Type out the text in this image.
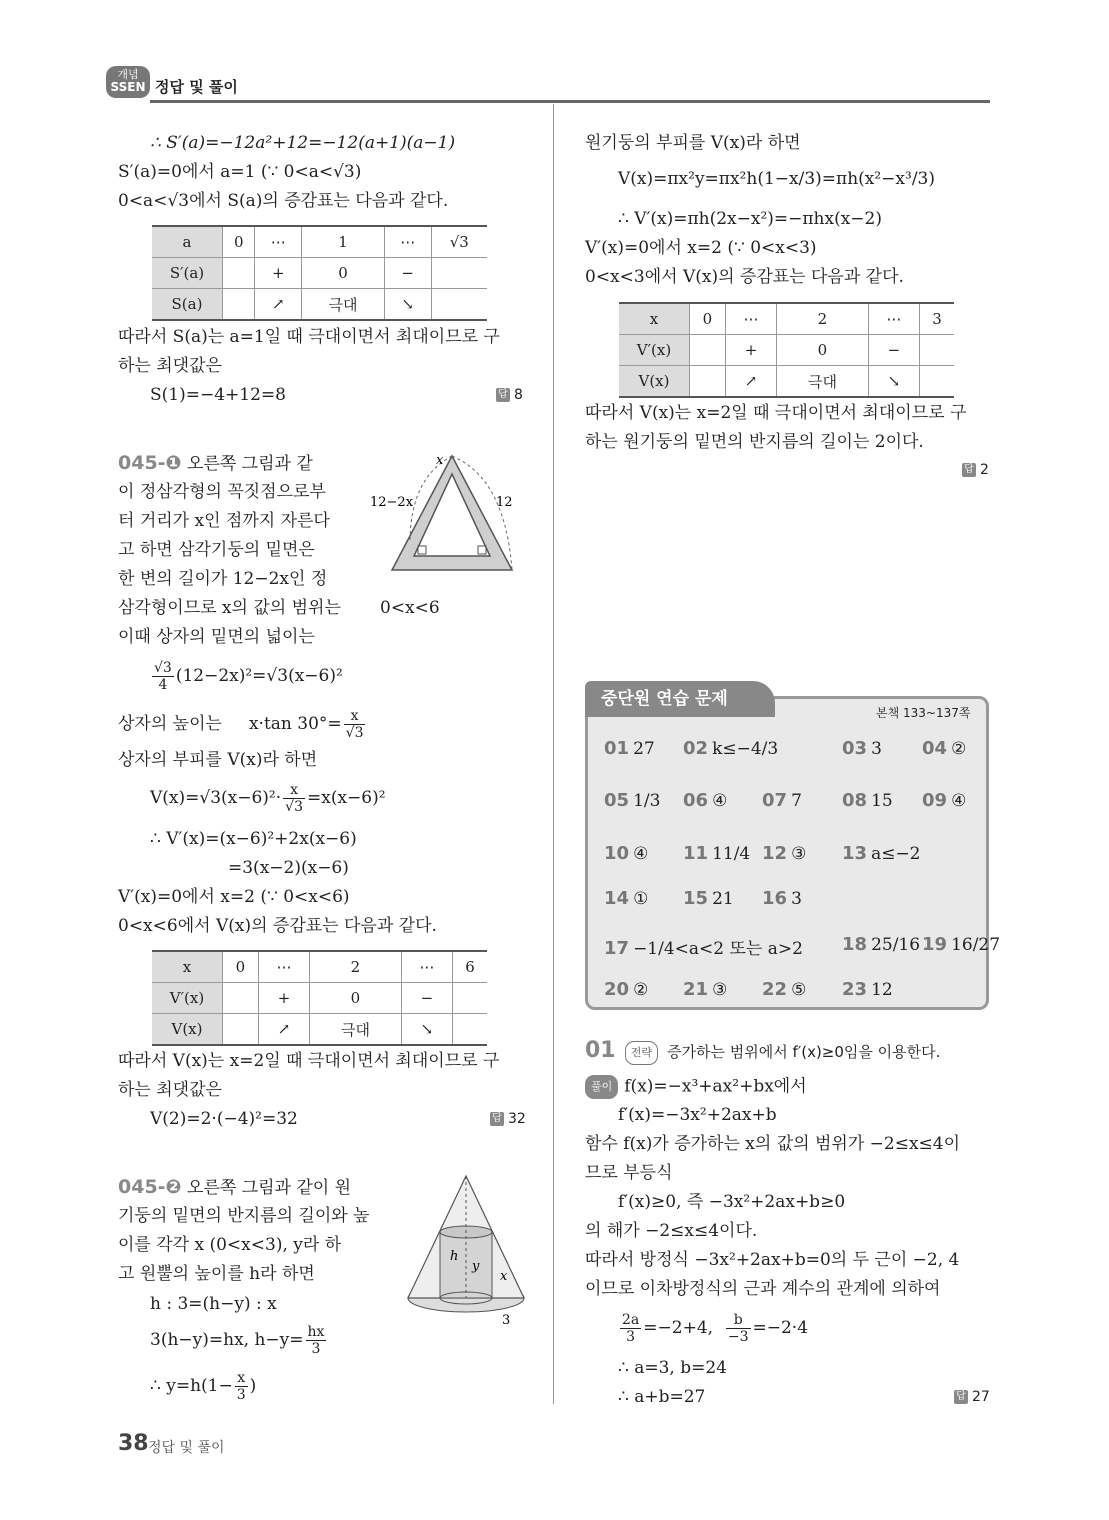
개념
SSEN 정답 및 풀이
∴ S′(a)=−12a²+12=−12(a+1)(a−1)
S′(a)=0에서 a=1 (∵ 0<a<√3)
0<a<√3에서 S(a)의 증감표는 다음과 같다.
a	0	⋯	1	⋯	√3
S′(a)		+	0	−	
S(a)		↗	극대	↘	
따라서 S(a)는 a=1일 때 극대이면서 최대이므로 구
하는 최댓값은
S(1)=−4+12=8	답 8
045-❶ 오른쪽 그림과 같
이 정삼각형의 꼭짓점으로부
터 거리가 x인 점까지 자른다
고 하면 삼각기둥의 밑면은
한 변의 길이가 12−2x인 정
삼각형이므로 x의 값의 범위는 0<x<6
이때 상자의 밑면의 넓이는
x
12−2x	12
$\frac{√3}{4} (12-2x)^2=√3(x-6)^2$
상자의 높이는 x·tan $30^\circ= \frac{x}{√3}$
상자의 부피를 V(x)라 하면
$V(x)=√3(x-6)^2\cdot \frac{x}{√3} =x(x-6)^2$
∴ V′(x)=(x−6)²+2x(x−6)
=3(x−2)(x−6)
V′(x)=0에서 x=2 (∵ 0<x<6)
0<x<6에서 V(x)의 증감표는 다음과 같다.
x	0	⋯	2	⋯	6
V′(x)		+	0	−	
V(x)		↗	극대	↘	
따라서 V(x)는 x=2일 때 극대이면서 최대이므로 구
하는 최댓값은
V(2)=2·(−4)²=32	답 32
045-❷ 오른쪽 그림과 같이 원
기둥의 밑면의 반지름의 길이와 높
이를 각각 x (0<x<3), y라 하
고 원뿔의 높이를 h라 하면
h : 3=(h−y) : x
3(h−y)=hx, $h-y= \frac{hx}{3}$
∴ $y=h(1- \frac{x}{3}$ )
h
y
x
3
원기둥의 부피를 V(x)라 하면
V(x)=πx²y=πx²h(1−x/3)=πh(x²−x³/3)
∴ V′(x)=πh(2x−x²)=−πhx(x−2)
V′(x)=0에서 x=2 (∵ 0<x<3)
0<x<3에서 V(x)의 증감표는 다음과 같다.
x	0	⋯	2	⋯	3
V′(x)		+	0	−	
V(x)		↗	극대	↘	
따라서 V(x)는 x=2일 때 극대이면서 최대이므로 구
하는 원기둥의 밑면의 반지름의 길이는 2이다.
답 2
중단원 연습 문제
본책 133~137쪽
01 27 02 k≤−4/3	03 3 04 ②
05 1/3 06 ④ 07 7 08 15 09 ④
10 ④ 11 11/4 12 ③ 13 a≤−2
14 ① 15 21 16 3
17 −1/4<a<2 또는 a>2 18 25/16 19 16/27
20 ② 21 ③ 22 ⑤ 23 12
01 전략 증가하는 범위에서 f′(x)≥0임을 이용한다.
풀이 f(x)=−x³+ax²+bx에서
f′(x)=−3x²+2ax+b
함수 f(x)가 증가하는 x의 값의 범위가 −2≤x≤4이
므로 부등식
f′(x)≥0, 즉 −3x²+2ax+b≥0
의 해가 −2≤x≤4이다.
따라서 방정식 −3x²+2ax+b=0의 두 근이 −2, 4
이므로 이차방정식의 근과 계수의 관계에 의하여
$\frac{2a}{3} =-2+4$, $\frac{b}{-3} =-2\cdot 4$
∴ a=3, b=24
∴ a+b=27	답 27
38 정답 및 풀이
